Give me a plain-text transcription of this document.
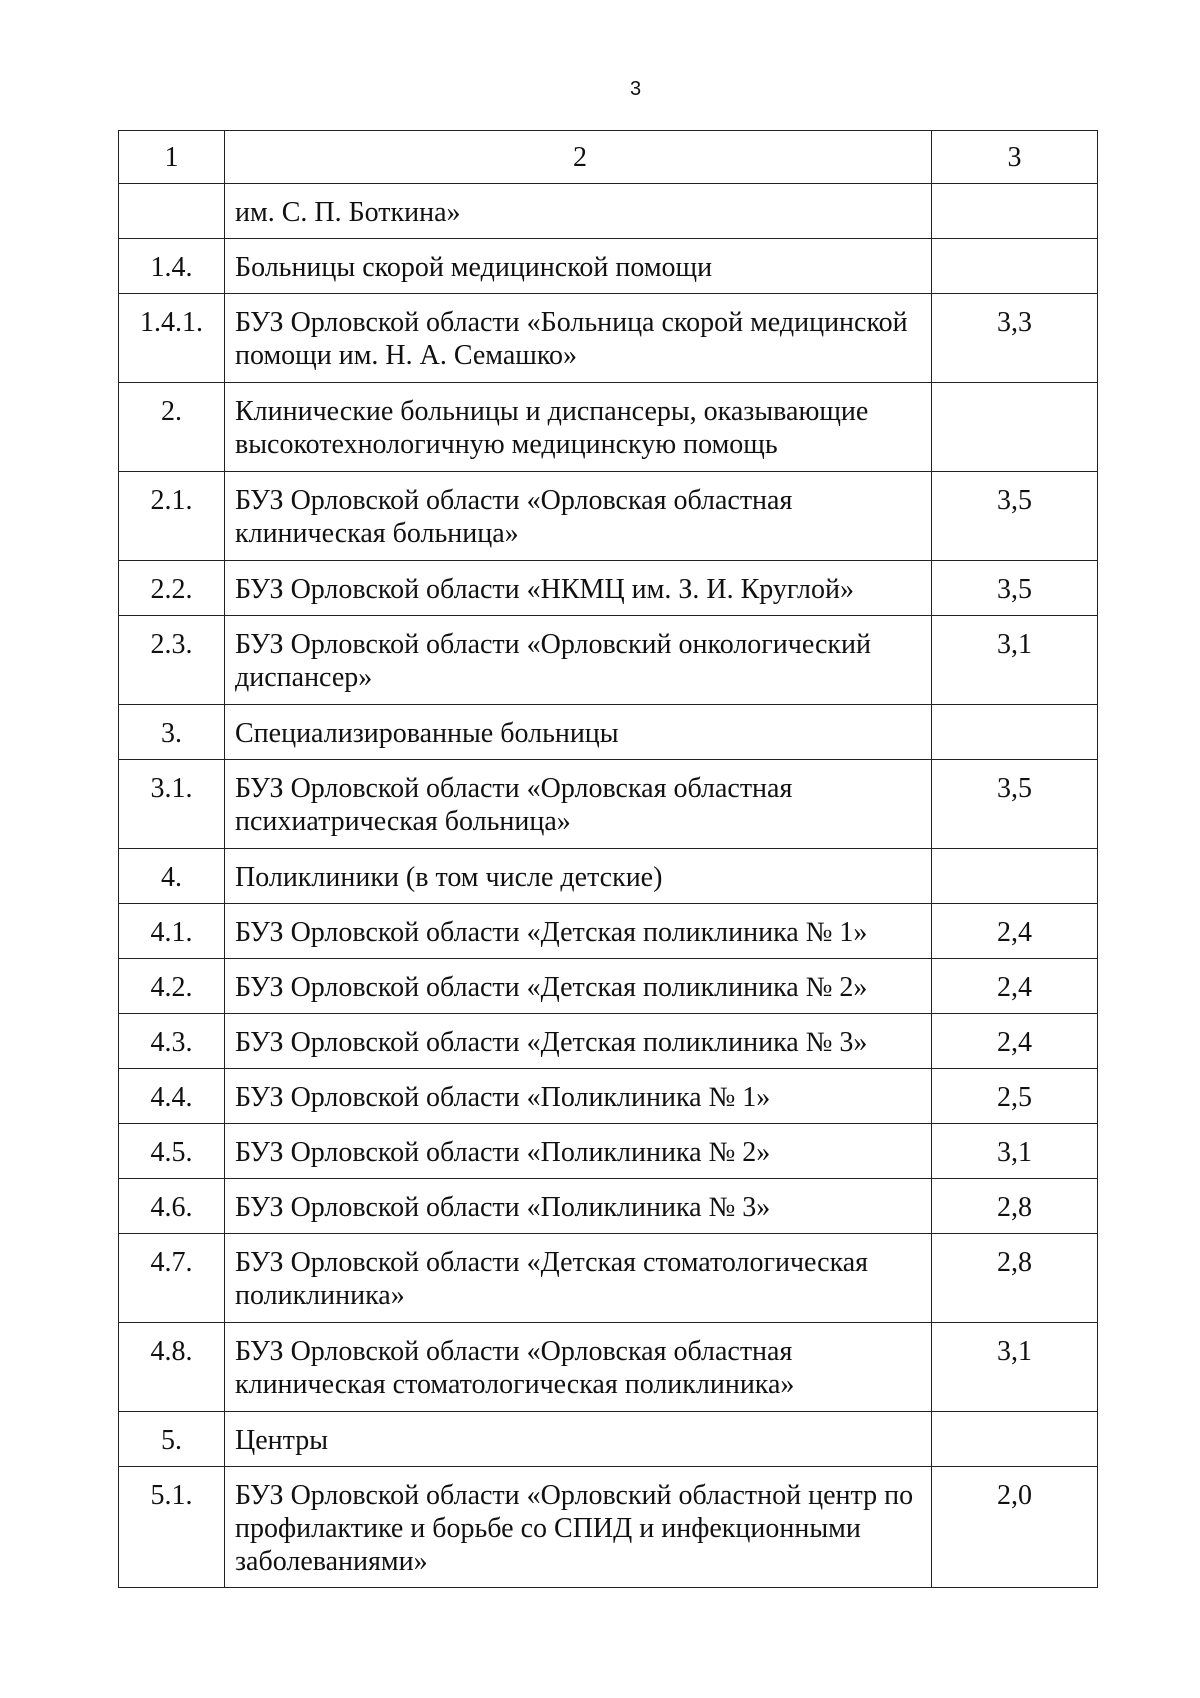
3
1	2	3

	им. С. П. Боткина»	

1.4.	Больницы скорой медицинской помощи	

1.4.1.	БУЗ Орловской области «Больница скорой медицинской помощи им. Н. А. Семашко»	3,3

2.	Клинические больницы и диспансеры, оказывающие высокотехнологичную медицинскую помощь	

2.1.	БУЗ Орловской области «Орловская областная клиническая больница»	3,5

2.2.	БУЗ Орловской области «НКМЦ им. З. И. Круглой»	3,5

2.3.	БУЗ Орловской области «Орловский онкологический диспансер»	3,1

3.	Специализированные больницы	

3.1.	БУЗ Орловской области «Орловская областная психиатрическая больница»	3,5

4.	Поликлиники (в том числе детские)	

4.1.	БУЗ Орловской области «Детская поликлиника № 1»	2,4

4.2.	БУЗ Орловской области «Детская поликлиника № 2»	2,4

4.3.	БУЗ Орловской области «Детская поликлиника № 3»	2,4

4.4.	БУЗ Орловской области «Поликлиника № 1»	2,5

4.5.	БУЗ Орловской области «Поликлиника № 2»	3,1

4.6.	БУЗ Орловской области «Поликлиника № 3»	2,8

4.7.	БУЗ Орловской области «Детская стоматологическая поликлиника»	2,8

4.8.	БУЗ Орловской области «Орловская областная клиническая стоматологическая поликлиника»	3,1

5.	Центры	

5.1.	БУЗ Орловской области «Орловский областной центр по профилактике и борьбе со СПИД и инфекционными заболеваниями»	2,0
